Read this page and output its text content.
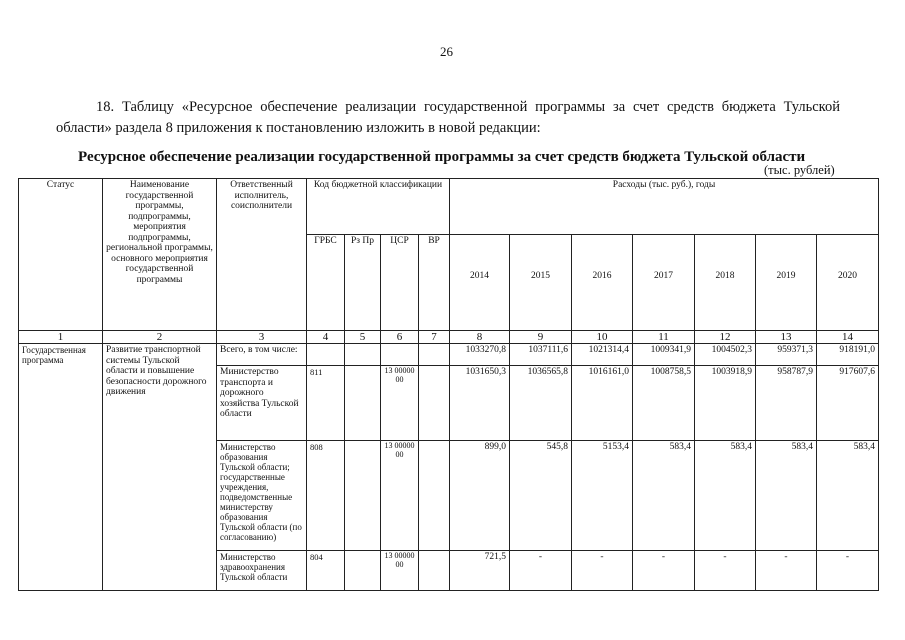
26
18. Таблицу «Ресурсное обеспечение реализации государственной программы за счет средств бюджета Тульской области» раздела 8 приложения к постановлению изложить в новой редакции:
Ресурсное обеспечение реализации государственной программы за счет средств бюджета Тульской области
(тыс. рублей)
Статус	Наименование государственной программы, подпрограммы, мероприятия подпрограммы, региональной программы, основного мероприятия государственной программы	Ответственный исполнитель, соисполнители	Код бюджетной классификации				Расходы (тыс. руб.), годы						
			ГРБС	Рз Пр	ЦСР	ВР	2014	2015	2016	2017	2018	2019	2020
1	2	3	4	5	6	7	8	9	10	11	12	13	14
Государственная программа	Развитие транспортной системы Тульской области и повышение безопасности дорожного движения	Всего, в том числе:					1033270,8	1037111,6	1021314,4	1009341,9	1004502,3	959371,3	918191,0
		Министерство транспорта и дорожного хозяйства Тульской области	811		13 00000 00		1031650,3	1036565,8	1016161,0	1008758,5	1003918,9	958787,9	917607,6
		Министерство образования Тульской области; государственные учреждения, подведомственные министерству образования Тульской области (по согласованию)	808		13 00000 00		899,0	545,8	5153,4	583,4	583,4	583,4	583,4
		Министерство здравоохранения Тульской области	804		13 00000 00		721,5	-	-	-	-	-	-
